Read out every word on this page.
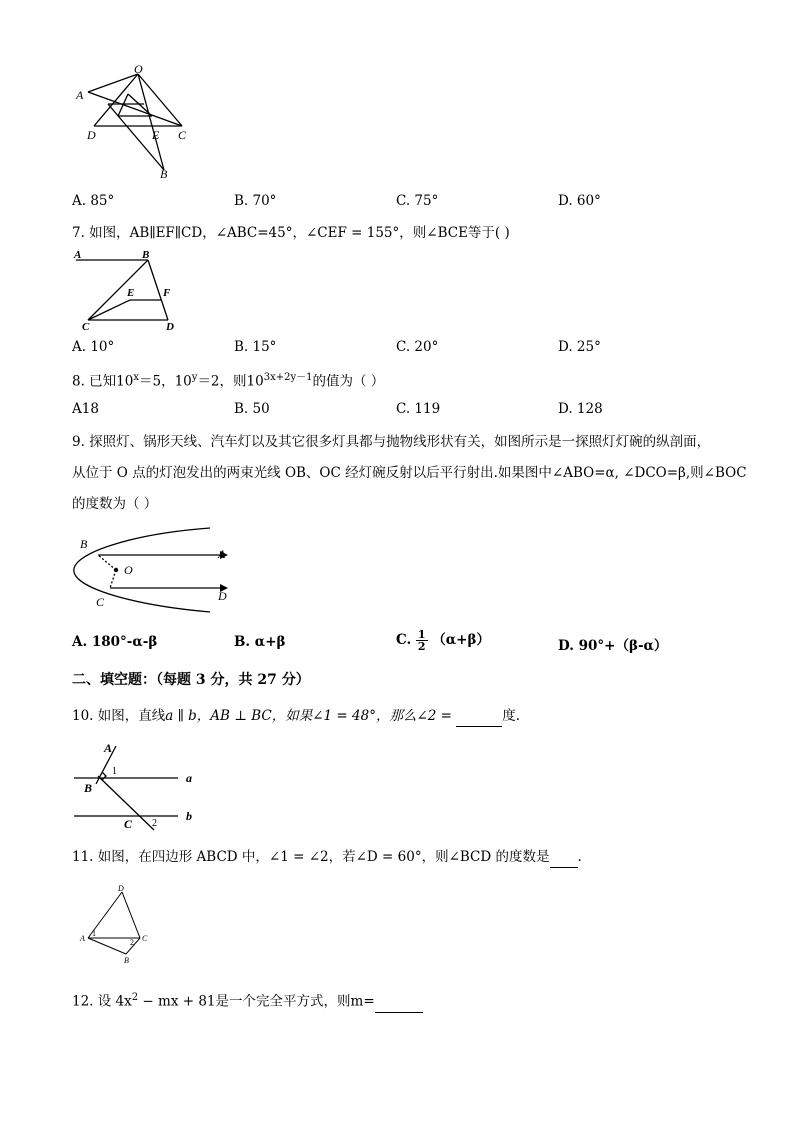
O
A
D	E C
B
A. 85°	B. 70°	C. 75°	D. 60°
7. 如图，AB∥EF∥CD，∠ABC=45°，∠CEF = 155°，则∠BCE等于( )
A	B
E	F
C	D
A. 10°	B. 15°	C. 20°	D. 25°
8. 已知$10^x=5$，$10^y=2$，则$10^{3x+2y-1}$的值为（ ）
A18	B. 50	C. 119	D. 128
9. 探照灯、锅形天线、汽车灯以及其它很多灯具都与抛物线形状有关，如图所示是一探照灯灯碗的纵剖面，
从位于 O 点的灯泡发出的两束光线 OB、OC 经灯碗反射以后平行射出.如果图中∠ABO=α, ∠DCO=β,则∠BOC
的度数为（ ）
B
A
O
C	D
A. 180°-α-β	B. α+β	C. $\frac{1}{2} (\alpha+\beta)$	D. 90°+（β-α）
二、填空题：（每题 3 分，共 27 分）
10. 如图，直线a ∥ b，AB ⊥ BC，如果∠1 = 48°，那么∠2 =	度.
A
1
B
a
b
C 2
11. 如图，在四边形 ABCD 中，∠1 = ∠2，若∠D = 60°，则∠BCD 的度数是 .
D
A
1
2 C
B
12. 设 $4x^2$ − mx + 81是一个完全平方式，则m=
